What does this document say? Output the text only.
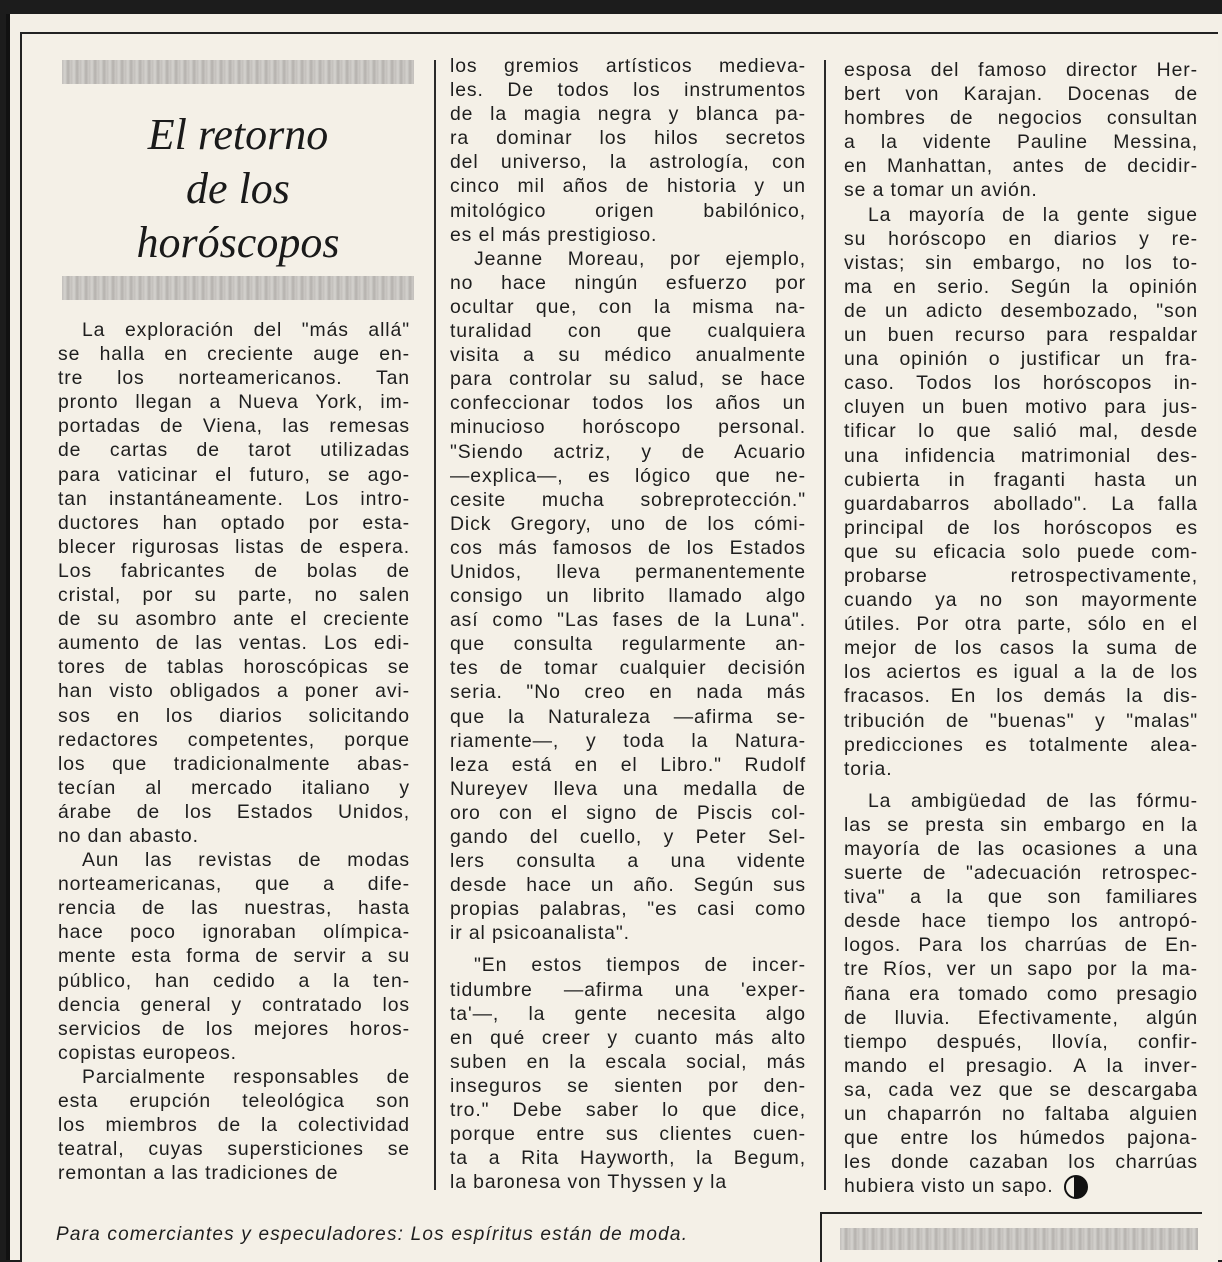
El retorno
de los
horóscopos
La exploración del "más allá"
se halla en creciente auge en-
tre los norteamericanos. Tan
pronto llegan a Nueva York, im-
portadas de Viena, las remesas
de cartas de tarot utilizadas
para vaticinar el futuro, se ago-
tan instantáneamente. Los intro-
ductores han optado por esta-
blecer rigurosas listas de espera.
Los fabricantes de bolas de
cristal, por su parte, no salen
de su asombro ante el creciente
aumento de las ventas. Los edi-
tores de tablas horoscópicas se
han visto obligados a poner avi-
sos en los diarios solicitando
redactores competentes, porque
los que tradicionalmente abas-
tecían al mercado italiano y
árabe de los Estados Unidos,
no dan abasto.
Aun las revistas de modas
norteamericanas, que a dife-
rencia de las nuestras, hasta
hace poco ignoraban olímpica-
mente esta forma de servir a su
público, han cedido a la ten-
dencia general y contratado los
servicios de los mejores horos-
copistas europeos.
Parcialmente responsables de
esta erupción teleológica son
los miembros de la colectividad
teatral, cuyas supersticiones se
remontan a las tradiciones de
los gremios artísticos medieva-
les. De todos los instrumentos
de la magia negra y blanca pa-
ra dominar los hilos secretos
del universo, la astrología, con
cinco mil años de historia y un
mitológico origen babilónico,
es el más prestigioso.
Jeanne Moreau, por ejemplo,
no hace ningún esfuerzo por
ocultar que, con la misma na-
turalidad con que cualquiera
visita a su médico anualmente
para controlar su salud, se hace
confeccionar todos los años un
minucioso horóscopo personal.
"Siendo actriz, y de Acuario
—explica—, es lógico que ne-
cesite mucha sobreprotección."
Dick Gregory, uno de los cómi-
cos más famosos de los Estados
Unidos, lleva permanentemente
consigo un librito llamado algo
así como "Las fases de la Luna".
que consulta regularmente an-
tes de tomar cualquier decisión
seria. "No creo en nada más
que la Naturaleza —afirma se-
riamente—, y toda la Natura-
leza está en el Libro." Rudolf
Nureyev lleva una medalla de
oro con el signo de Piscis col-
gando del cuello, y Peter Sel-
lers consulta a una vidente
desde hace un año. Según sus
propias palabras, "es casi como
ir al psicoanalista".
"En estos tiempos de incer-
tidumbre —afirma una 'exper-
ta'—, la gente necesita algo
en qué creer y cuanto más alto
suben en la escala social, más
inseguros se sienten por den-
tro." Debe saber lo que dice,
porque entre sus clientes cuen-
ta a Rita Hayworth, la Begum,
la baronesa von Thyssen y la
esposa del famoso director Her-
bert von Karajan. Docenas de
hombres de negocios consultan
a la vidente Pauline Messina,
en Manhattan, antes de decidir-
se a tomar un avión.
La mayoría de la gente sigue
su horóscopo en diarios y re-
vistas; sin embargo, no los to-
ma en serio. Según la opinión
de un adicto desembozado, "son
un buen recurso para respaldar
una opinión o justificar un fra-
caso. Todos los horóscopos in-
cluyen un buen motivo para jus-
tificar lo que salió mal, desde
una infidencia matrimonial des-
cubierta in fraganti hasta un
guardabarros abollado". La falla
principal de los horóscopos es
que su eficacia solo puede com-
probarse retrospectivamente,
cuando ya no son mayormente
útiles. Por otra parte, sólo en el
mejor de los casos la suma de
los aciertos es igual a la de los
fracasos. En los demás la dis-
tribución de "buenas" y "malas"
predicciones es totalmente alea-
toria.
La ambigüedad de las fórmu-
las se presta sin embargo en la
mayoría de las ocasiones a una
suerte de "adecuación retrospec-
tiva" a la que son familiares
desde hace tiempo los antropó-
logos. Para los charrúas de En-
tre Ríos, ver un sapo por la ma-
ñana era tomado como presagio
de lluvia. Efectivamente, algún
tiempo después, llovía, confir-
mando el presagio. A la inver-
sa, cada vez que se descargaba
un chaparrón no faltaba alguien
que entre los húmedos pajona-
les donde cazaban los charrúas
hubiera visto un sapo.
Para comerciantes y especuladores: Los espíritus están de moda.
